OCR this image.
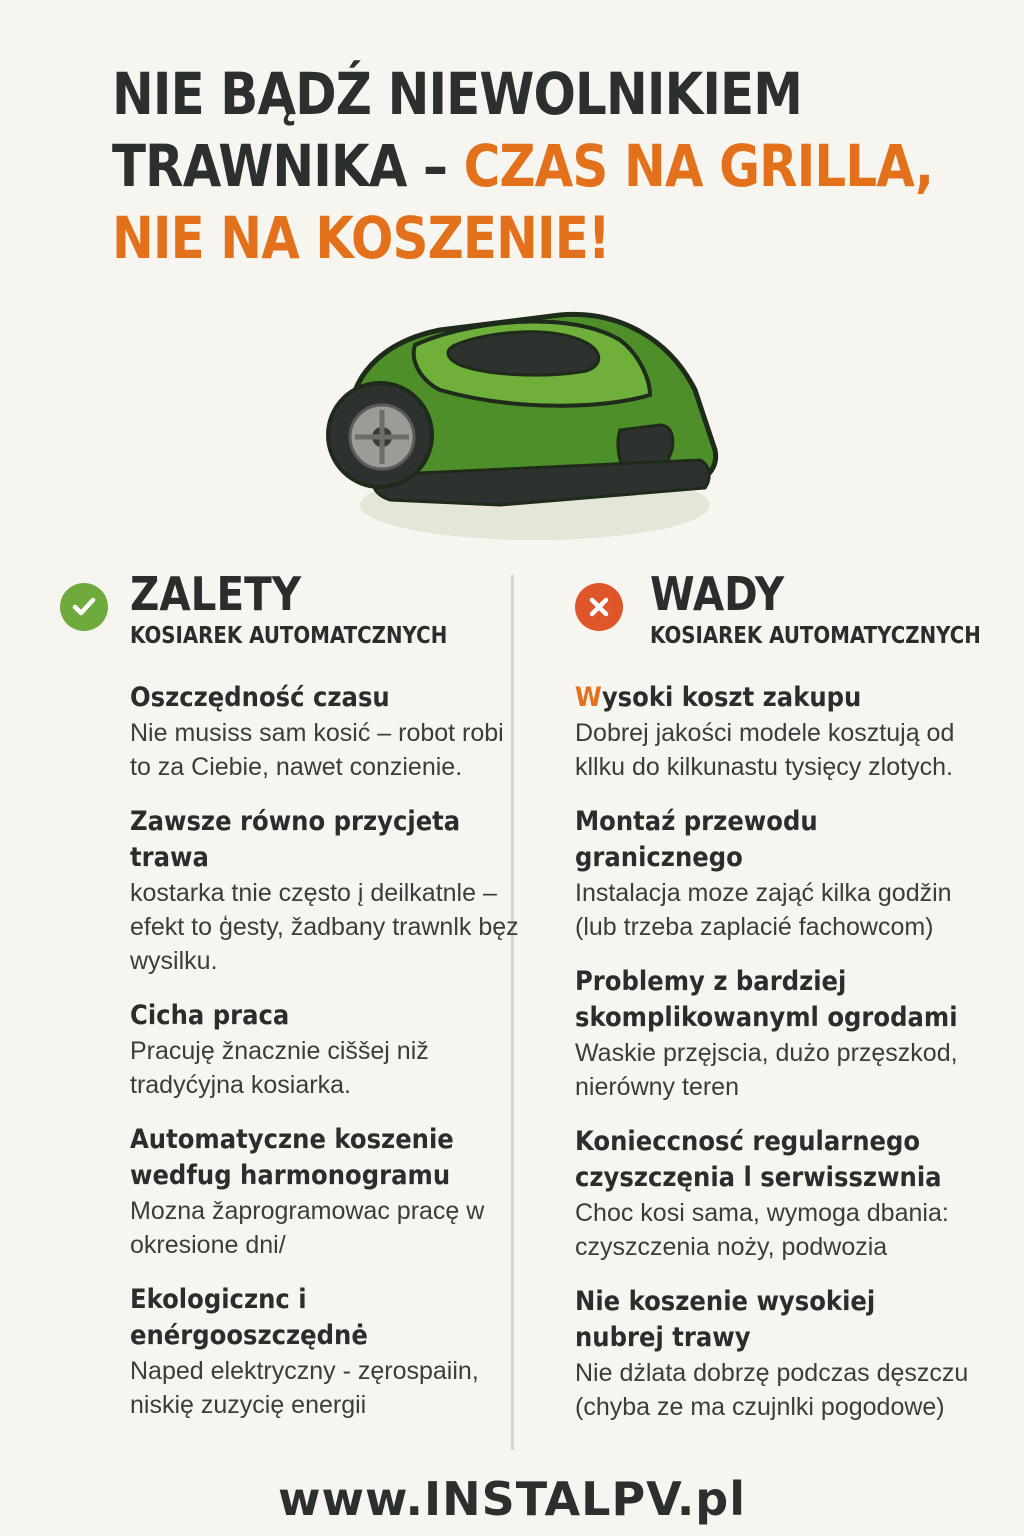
NIE BĄDŹ NIEWOLNIKIEM
TRAWNIKA – CZAS NA GRILLA,
NIE NA KOSZENIE!
ZALETY
KOSIAREK AUTOMATCZNYCH
Oszczędność czasu
Nie musiss sam kosić – robot robi to za Ciebie, nawet conzienie.
Zawsze równo przycjeta trawa
kostarka tnie często į deilkatnle – efekt to ģesty, žadbany trawnlk bęz wysilku.
Cicha praca
Pracuję žnacznie ciššej niž tradyćyjna kosiarka.
Automatyczne koszenie wedfug harmonogramu
Mozna žaprogramowac pracę w okresione dni/
Ekologicznc i enérgooszczędnė
Naped elektryczny - zęrospaiin, niskię zuzycię energii
WADY
KOSIAREK AUTOMATYCZNYCH
Wysoki koszt zakupu
Dobrej jakości modele kosztują od kllku do kilkunastu tysięcy zlotych.
Montaź przewodu granicznego
Instalacja moze zająć kilka godžin (lub trzeba zaplacié fachowcom)
Problemy z bardziej skomplikowanyml ogrodami
Waskie przęjscia, dużo przęszkod, nierówny teren
Konieccnosć regularnego czyszczęnia l serwisszwnia
Choc kosi sama, wymoga dbania: czyszczenia noży, podwozia
Nie koszenie wysokiej nubrej trawy
Nie dżlata dobrzę podczas dęszczu (chyba ze ma czujnlki pogodowe)
www.INSTALPV.pl
